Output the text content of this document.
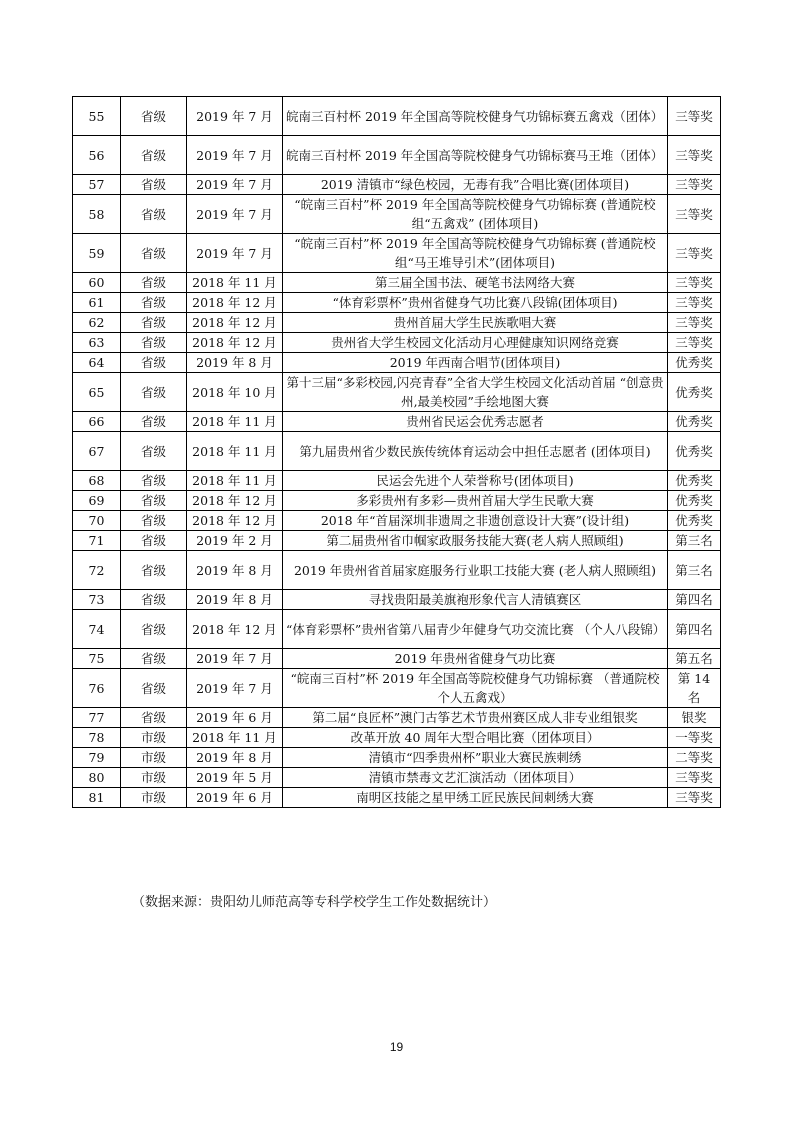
55	省级	2019 年 7 月	皖南三百村杯 2019 年全国高等院校健身气功锦标赛五禽戏（团体）	三等奖
56	省级	2019 年 7 月	皖南三百村杯 2019 年全国高等院校健身气功锦标赛马王堆（团体）	三等奖
57	省级	2019 年 7 月	2019 清镇市“绿色校园，无毒有我”合唱比赛(团体项目)	三等奖
58	省级	2019 年 7 月	“皖南三百村”杯 2019 年全国高等院校健身气功锦标赛 (普通院校组“五禽戏” (团体项目)	三等奖
59	省级	2019 年 7 月	“皖南三百村”杯 2019 年全国高等院校健身气功锦标赛 (普通院校组“马王堆导引术”(团体项目)	三等奖
60	省级	2018 年 11 月	第三届全国书法、硬笔书法网络大赛	三等奖
61	省级	2018 年 12 月	“体育彩票杯”贵州省健身气功比赛八段锦(团体项目)	三等奖
62	省级	2018 年 12 月	贵州首届大学生民族歌唱大赛	三等奖
63	省级	2018 年 12 月	贵州省大学生校园文化活动月心理健康知识网络竞赛	三等奖
64	省级	2019 年 8 月	2019 年西南合唱节(团体项目)	优秀奖
65	省级	2018 年 10 月	第十三届“多彩校园,闪亮青春”全省大学生校园文化活动首届 “创意贵州,最美校园”手绘地图大赛	优秀奖
66	省级	2018 年 11 月	贵州省民运会优秀志愿者	优秀奖
67	省级	2018 年 11 月	第九届贵州省少数民族传统体育运动会中担任志愿者 (团体项目)	优秀奖
68	省级	2018 年 11 月	民运会先进个人荣誉称号(团体项目)	优秀奖
69	省级	2018 年 12 月	多彩贵州有多彩—贵州首届大学生民歌大赛	优秀奖
70	省级	2018 年 12 月	2018 年“首届深圳非遗周之非遗创意设计大赛”(设计组)	优秀奖
71	省级	2019 年 2 月	第二届贵州省巾帼家政服务技能大赛(老人病人照顾组)	第三名
72	省级	2019 年 8 月	2019 年贵州省首届家庭服务行业职工技能大赛 (老人病人照顾组)	第三名
73	省级	2019 年 8 月	寻找贵阳最美旗袍形象代言人清镇赛区	第四名
74	省级	2018 年 12 月	“体育彩票杯”贵州省第八届青少年健身气功交流比赛 （个人八段锦）	第四名
75	省级	2019 年 7 月	2019 年贵州省健身气功比赛	第五名
76	省级	2019 年 7 月	“皖南三百村”杯 2019 年全国高等院校健身气功锦标赛 （普通院校个人五禽戏）	第 14 名
77	省级	2019 年 6 月	第二届“良匠杯”澳门古筝艺术节贵州赛区成人非专业组银奖	银奖
78	市级	2018 年 11 月	改革开放 40 周年大型合唱比赛（团体项目）	一等奖
79	市级	2019 年 8 月	清镇市“四季贵州杯”职业大赛民族刺绣	二等奖
80	市级	2019 年 5 月	清镇市禁毒文艺汇演活动（团体项目）	三等奖
81	市级	2019 年 6 月	南明区技能之星甲绣工匠民族民间刺绣大赛	三等奖
（数据来源：贵阳幼儿师范高等专科学校学生工作处数据统计）
19
